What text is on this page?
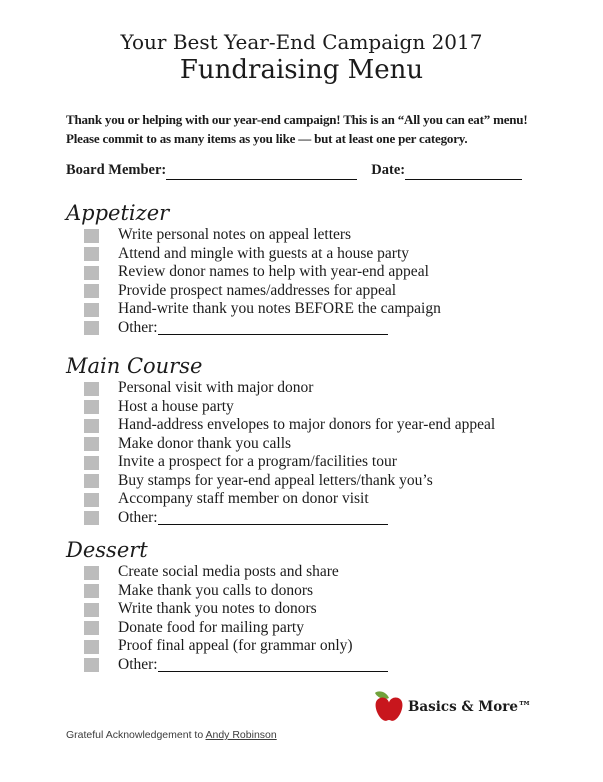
Your Best Year-End Campaign 2017
Fundraising Menu
Thank you or helping with our year-end campaign! This is an “All you can eat” menu!
Please commit to as many items as you like — but at least one per category.
Board Member:	Date:
Appetizer
Write personal notes on appeal letters
Attend and mingle with guests at a house party
Review donor names to help with year-end appeal
Provide prospect names/addresses for appeal
Hand-write thank you notes BEFORE the campaign
Other:
Main Course
Personal visit with major donor
Host a house party
Hand-address envelopes to major donors for year-end appeal
Make donor thank you calls
Invite a prospect for a program/facilities tour
Buy stamps for year-end appeal letters/thank you’s
Accompany staff member on donor visit
Other:
Dessert
Create social media posts and share
Make thank you calls to donors
Write thank you notes to donors
Donate food for mailing party
Proof final appeal (for grammar only)
Other:
Basics & More™
Grateful Acknowledgement to Andy Robinson
